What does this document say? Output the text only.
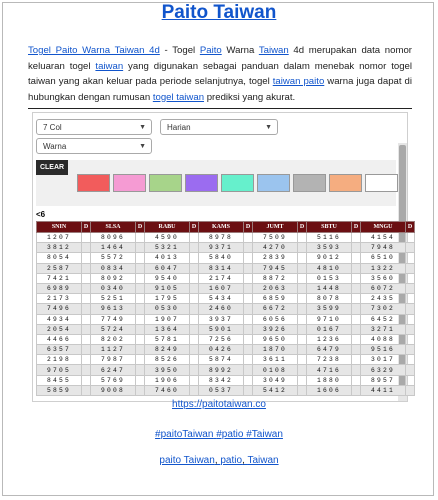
Paito Taiwan
Togel Paito Warna Taiwan 4d - Togel Paito Warna Taiwan 4d merupakan data nomor keluaran togel taiwan yang digunakan sebagai panduan dalam menebak nomor togel taiwan yang akan keluar pada periode selanjutnya, togel taiwan paito warna juga dapat di hubungkan dengan rumusan togel taiwan prediksi yang akurat.
7 Col	▼	Harian	▼
Warna	▼
CLEAR
<6
SNIN	D	SLSA	D	RABU	D	KAMS	D	JUMT	D	SBTU	D	MNGU	D
1207		8096		4590		8978		7509		5116		4154	
3812		1464		5321		9371		4270		3593		7948	
8054		5572		4013		5840		2839		9012		6510	
2587		0834		6047		8314		7945		4810		1322	
7421		8092		9540		2174		8872		0153		3560	
6989		0340		9105		1607		2063		1448		6072	
2173		5251		1795		5434		6859		8078		2435	
7496		9613		0530		2460		6672		3599		7302	
4934		7749		1907		3937		6056		9710		6452	
2054		5724		1364		5901		3926		0167		3271	
4466		8202		5781		7256		9650		1236		4088	
6357		1127		8249		0426		1870		6479		9516	
2198		7987		8526		5874		3611		7238		3017	
9705		6247		3950		8992		0108		4716		6329	
8455		5769		1906		8342		3049		1880		8957	
5859		9008		7460		0537		5412		1606		4411	
https://paitotaiwan.co
#paitoTaiwan #patio #Taiwan
paito Taiwan, patio, Taiwan
